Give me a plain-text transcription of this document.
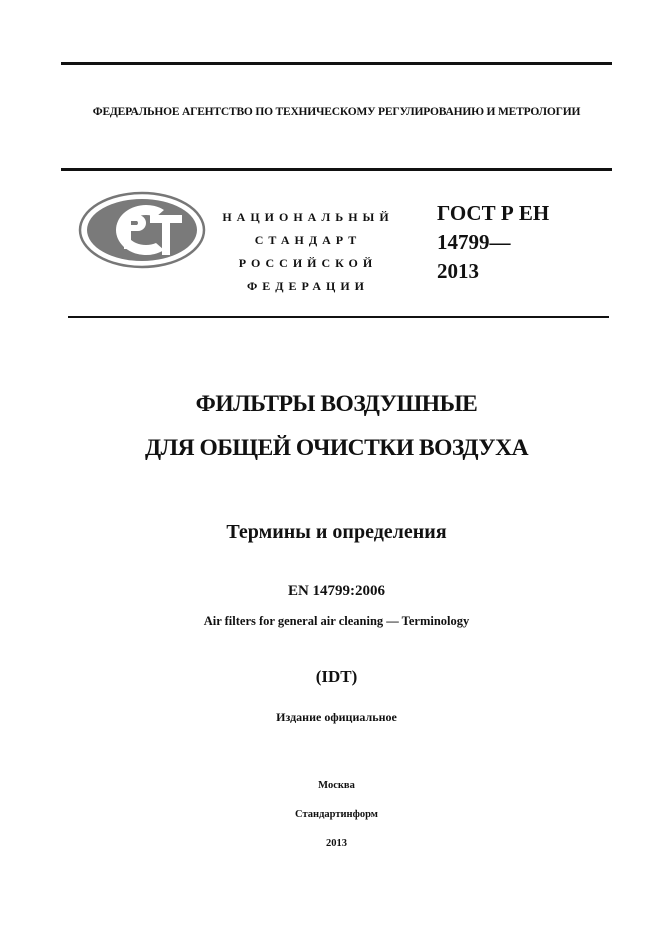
ФЕДЕРАЛЬНОЕ АГЕНТСТВО ПО ТЕХНИЧЕСКОМУ РЕГУЛИРОВАНИЮ И МЕТРОЛОГИИ
НАЦИОНАЛЬНЫЙ
СТАНДАРТ
РОССИЙСКОЙ
ФЕДЕРАЦИИ
ГОСТ Р ЕН
14799—
2013
ФИЛЬТРЫ ВОЗДУШНЫЕ
ДЛЯ ОБЩЕЙ ОЧИСТКИ ВОЗДУХА
Термины и определения
EN 14799:2006
Air filters for general air cleaning — Terminology
(IDT)
Издание официальное
Москва
Стандартинформ
2013
